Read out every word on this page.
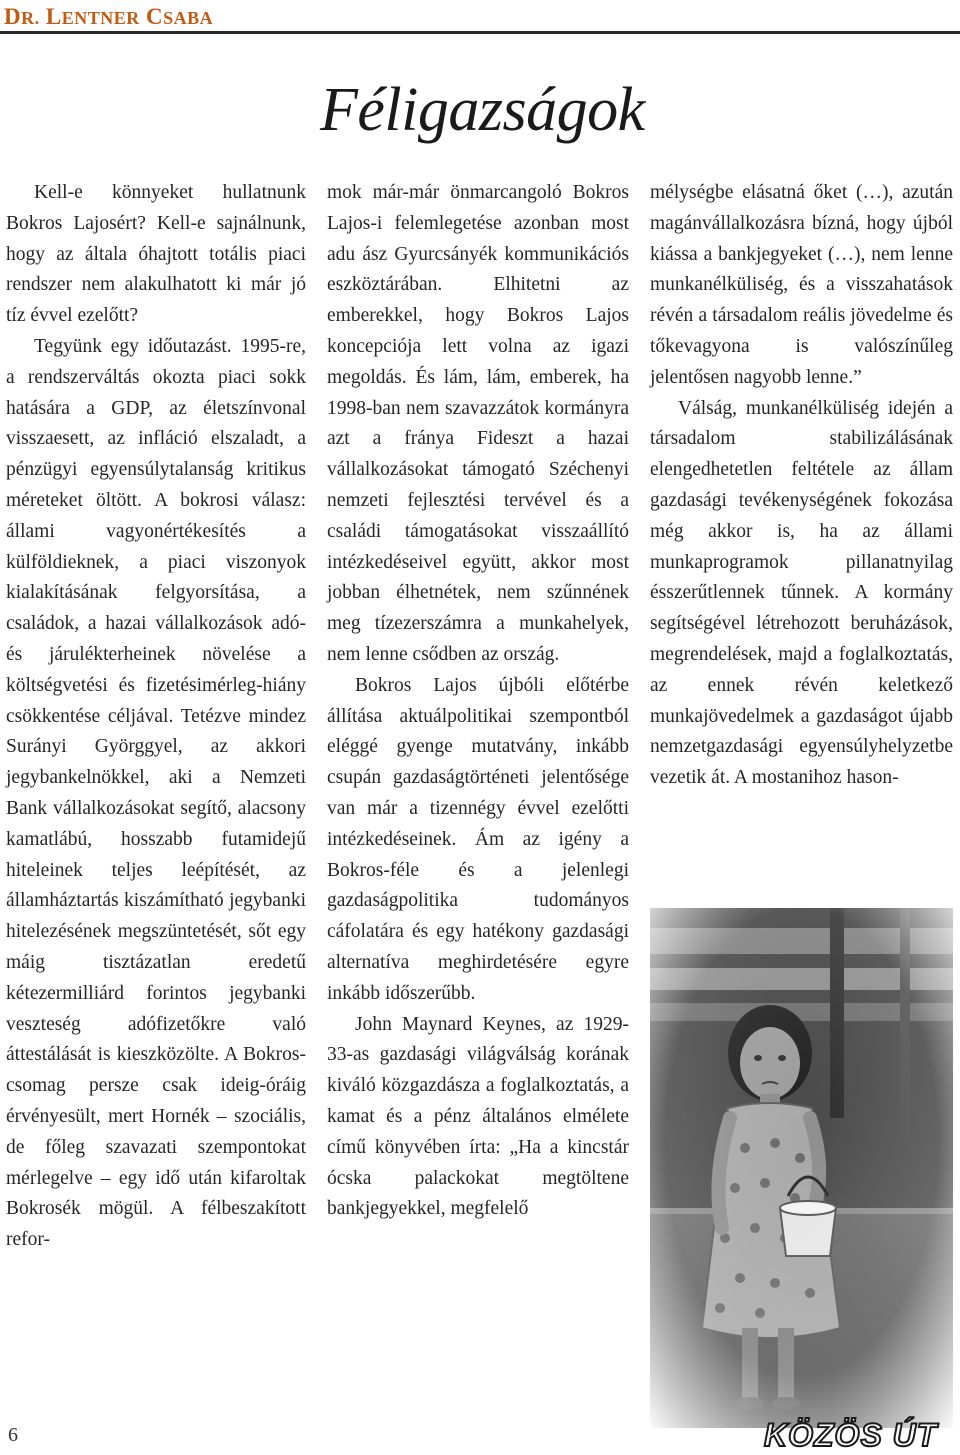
DR. LENTNER CSABA
Féligazságok

Kell-e könnyeket hullatnunk Bokros Lajosért? Kell-e sajnálnunk, hogy az általa óhajtott totális piaci rendszer nem alakulhatott ki már jó tíz évvel ezelőtt?

Tegyünk egy időutazást. 1995-re, a rendszerváltás okozta piaci sokk hatására a GDP, az életszínvonal visszaesett, az infláció elszaladt, a pénzügyi egyensúlytalanság kritikus méreteket öltött. A bokrosi válasz: állami vagyonértékesítés a külföldieknek, a piaci viszonyok kialakításának felgyorsítása, a családok, a hazai vállalkozások adó- és járulékterheinek növelése a költségvetési és fizetésimérleg-hiány csökkentése céljával. Tetézve mindez Surányi Györggyel, az akkori jegybankelnökkel, aki a Nemzeti Bank vállalkozásokat segítő, alacsony kamatlábú, hosszabb futamidejű hiteleinek teljes leépítését, az államháztartás kiszámítható jegybanki hitelezésének megszüntetését, sőt egy máig tisztázatlan eredetű kétezermilliárd forintos jegybanki veszteség adófizetőkre való áttestálását is kieszközölte. A Bokros-csomag persze csak ideig-óráig érvényesült, mert Hornék – szociális, de főleg szavazati szempontokat mérlegelve – egy idő után kifaroltak Bokrosék mögül. A félbeszakított refor-

mok már-már önmarcangoló Bokros Lajos-i felemlegetése azonban most adu ász Gyurcsányék kommunikációs eszköztárában. Elhitetni az emberekkel, hogy Bokros Lajos koncepciója lett volna az igazi megoldás. És lám, lám, emberek, ha 1998-ban nem szavazzátok kormányra azt a fránya Fideszt a hazai vállalkozásokat támogató Széchenyi nemzeti fejlesztési tervével és a családi támogatásokat visszaállító intézkedéseivel együtt, akkor most jobban élhetnétek, nem szűnnének meg tízezerszámra a munkahelyek, nem lenne csődben az ország.

Bokros Lajos újbóli előtérbe állítása aktuálpolitikai szempontból eléggé gyenge mutatvány, inkább csupán gazdaságtörténeti jelentősége van már a tizennégy évvel ezelőtti intézkedéseinek. Ám az igény a Bokros-féle és a jelenlegi gazdaságpolitika tudományos cáfolatára és egy hatékony gazdasági alternatíva meghirdetésére egyre inkább időszerűbb.

John Maynard Keynes, az 1929-33-as gazdasági világválság korának kiváló közgazdásza a foglalkoztatás, a kamat és a pénz általános elmélete című könyvében írta: „Ha a kincstár ócska palackokat megtöltene bankjegyekkel, megfelelő

mélységbe elásatná őket (…), azután magánvállalkozásra bízná, hogy újból kiássa a bankjegyeket (…), nem lenne munkanélküliség, és a visszahatások révén a társadalom reális jövedelme és tőkevagyona is valószínűleg jelentősen nagyobb lenne.”

Válság, munkanélküliség idején a társadalom stabilizálásának elengedhetetlen feltétele az állam gazdasági tevékenységének fokozása még akkor is, ha az állami munkaprogramok pillanatnyilag ésszerűtlennek tűnnek. A kormány segítségével létrehozott beruházások, megrendelések, majd a foglalkoztatás, az ennek révén keletkező munkajövedelmek a gazdaságot újabb nemzetgazdasági egyensúlyhelyzetbe vezetik át. A mostanihoz hason-

6	KÖZÖS ÚT
